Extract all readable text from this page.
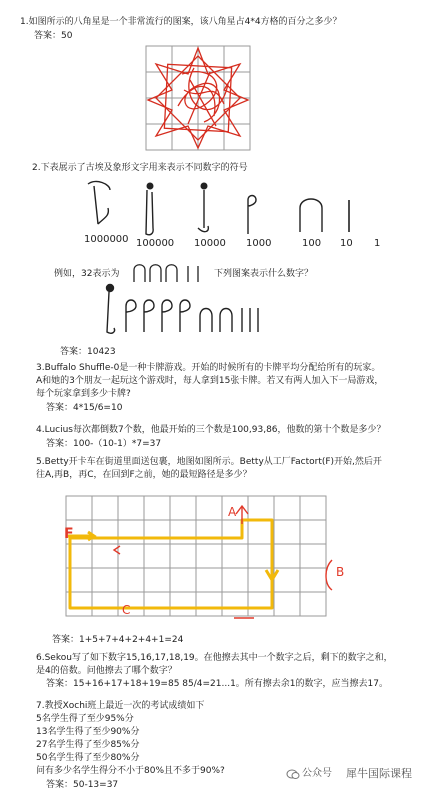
1.如图所示的八角星是一个非常流行的图案，该八角星占4*4方格的百分之多少？
答案：50
2.下表展示了古埃及象形文字用来表示不同数字的符号
1000000 100000 10000 1000	100 10 1
例如，32表示为	下列图案表示什么数字？
答案：10423
3.Buffalo Shuffle-0是一种卡牌游戏。开始的时候所有的卡牌平均分配给所有的玩家。
A和她的3个朋友一起玩这个游戏时，每人拿到15张卡牌。若又有两人加入下一局游戏，
每个玩家拿到多少卡牌?
答案：4*15/6=10
4.Lucius每次都倒数7个数，他最开始的三个数是100,93,86，他数的第十个数是多少？
答案：100-（10-1）*7=37
5.Betty开卡车在街道里面送包裹，地图如图所示。Betty从工厂Factort(F)开始,然后开
往A,再B，再C，在回到F之前，她的最短路径是多少？
F
A
B
C
答案：1+5+7+4+2+4+1=24
6.Sekou写了如下数字15,16,17,18,19。在他擦去其中一个数字之后，剩下的数字之和，
是4的倍数。问他擦去了哪个数字？
答案：15+16+17+18+19=85 85/4=21...1。所有擦去余1的数字，应当擦去17。
7.教授Xochi班上最近一次的考试成绩如下
5名学生得了至少95%分
13名学生得了至少90%分
27名学生得了至少85%分
50名学生得了至少80%分
问有多少名学生得分不小于80%且不多于90%?
答案：50-13=37
公众号 犀牛国际课程
